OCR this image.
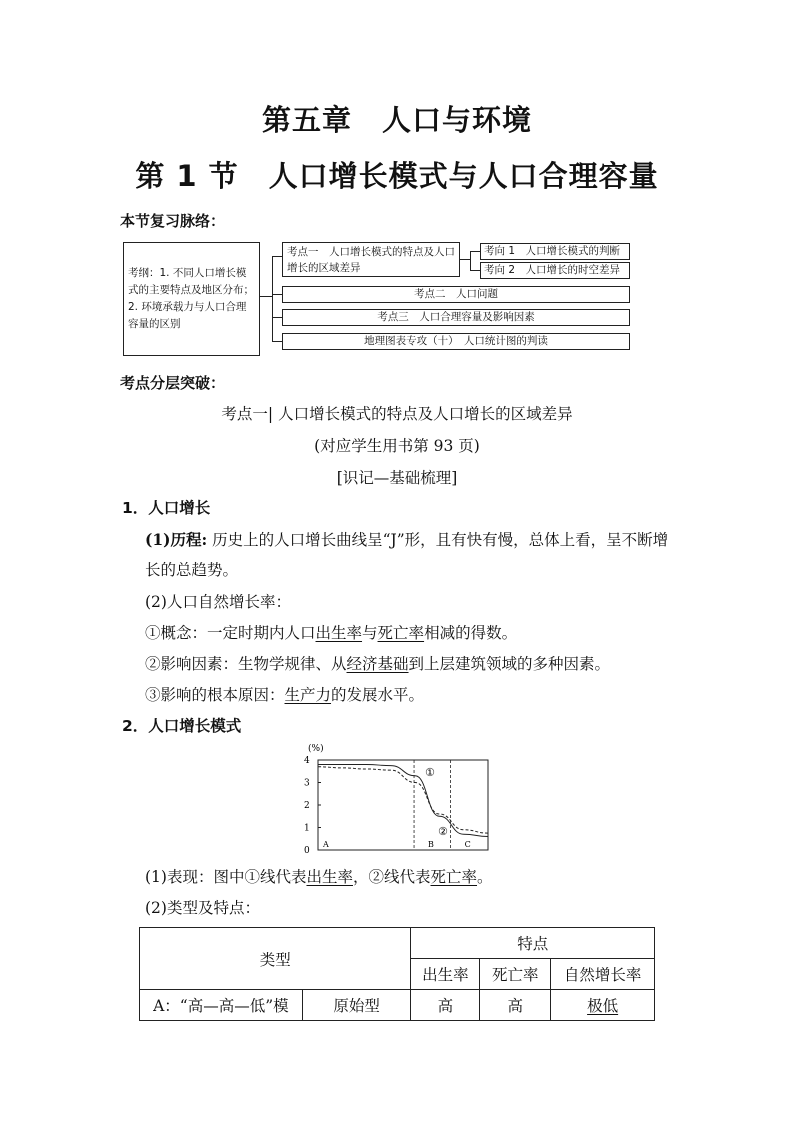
第五章　人口与环境
第 1 节　人口增长模式与人口合理容量
本节复习脉络：
考纲：1. 不同人口增长模式的主要特点及地区分布；2. 环境承载力与人口合理容量的区别
考点一　人口增长模式的特点及人口增长的区域差异
考向 1　人口增长模式的判断
考向 2　人口增长的时空差异
考点二　人口问题
考点三　人口合理容量及影响因素
地理图表专攻（十）　人口统计图的判读
考点分层突破：
考点一| 人口增长模式的特点及人口增长的区域差异
(对应学生用书第 93 页)
[识记—基础梳理]
1．人口增长
(1)历程: 历史上的人口增长曲线呈“J”形，且有快有慢，总体上看，呈不断增
长的总趋势。
(2)人口自然增长率：
①概念：一定时期内人口出生率与死亡率相减的得数。
②影响因素：生物学规律、从经济基础到上层建筑领域的多种因素。
③影响的根本原因：生产力的发展水平。
2．人口增长模式
(%)
4
3
2
1
0
A	B	C
①
②
(1)表现：图中①线代表出生率，②线代表死亡率。
(2)类型及特点：
类型		特点		
		出生率	死亡率	自然增长率
A：“高—高—低”模	原始型	高	高	极低
